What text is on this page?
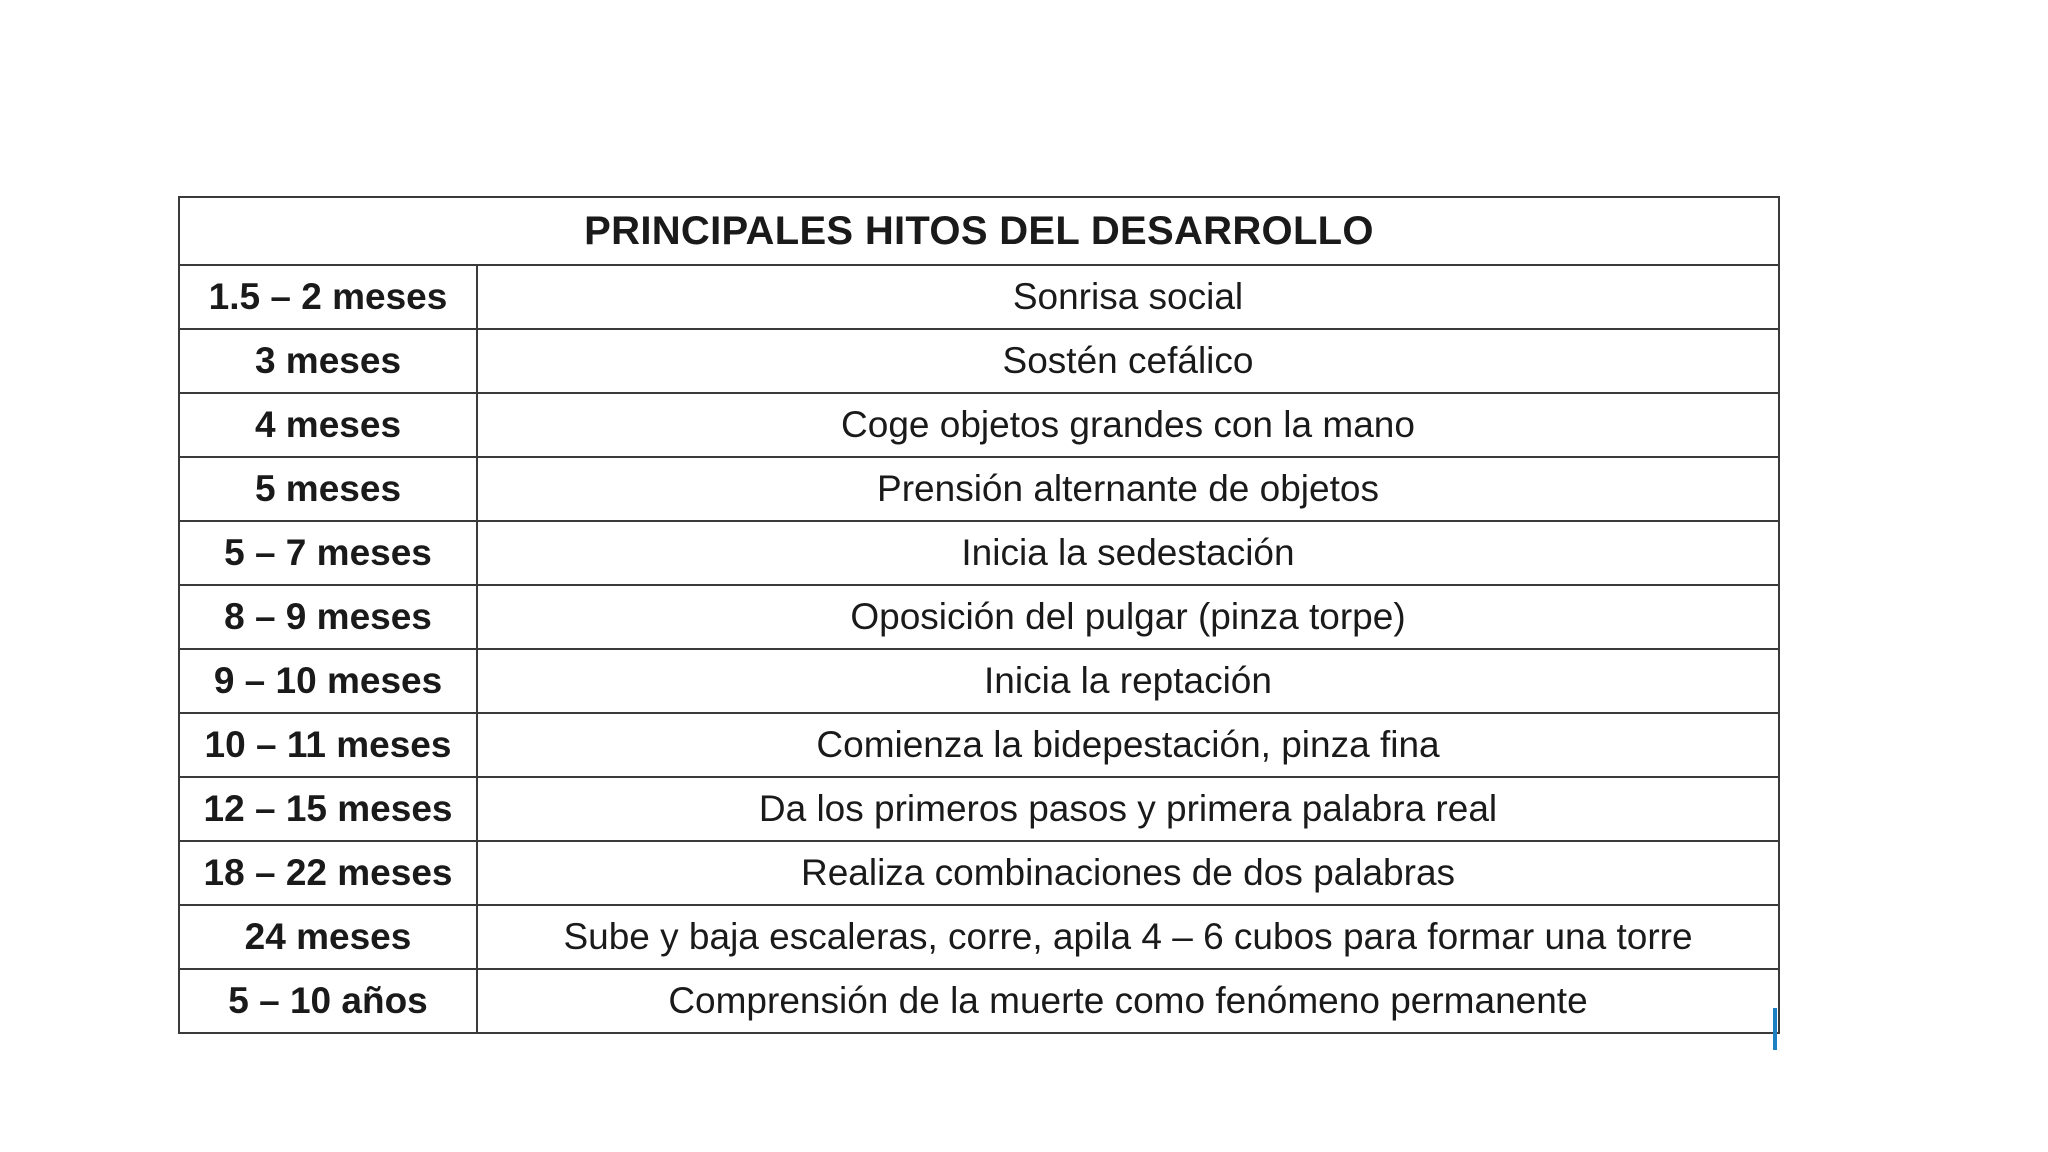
PRINCIPALES HITOS DEL DESARROLLO	
1.5 – 2 meses	Sonrisa social
3 meses	Sostén cefálico
4 meses	Coge objetos grandes con la mano
5 meses	Prensión alternante de objetos
5 – 7 meses	Inicia la sedestación
8 – 9 meses	Oposición del pulgar (pinza torpe)
9 – 10 meses	Inicia la reptación
10 – 11 meses	Comienza la bidepestación, pinza fina
12 – 15 meses	Da los primeros pasos y primera palabra real
18 – 22 meses	Realiza combinaciones de dos palabras
24 meses	Sube y baja escaleras, corre, apila 4 – 6 cubos para formar una torre
5 – 10 años	Comprensión de la muerte como fenómeno permanente
